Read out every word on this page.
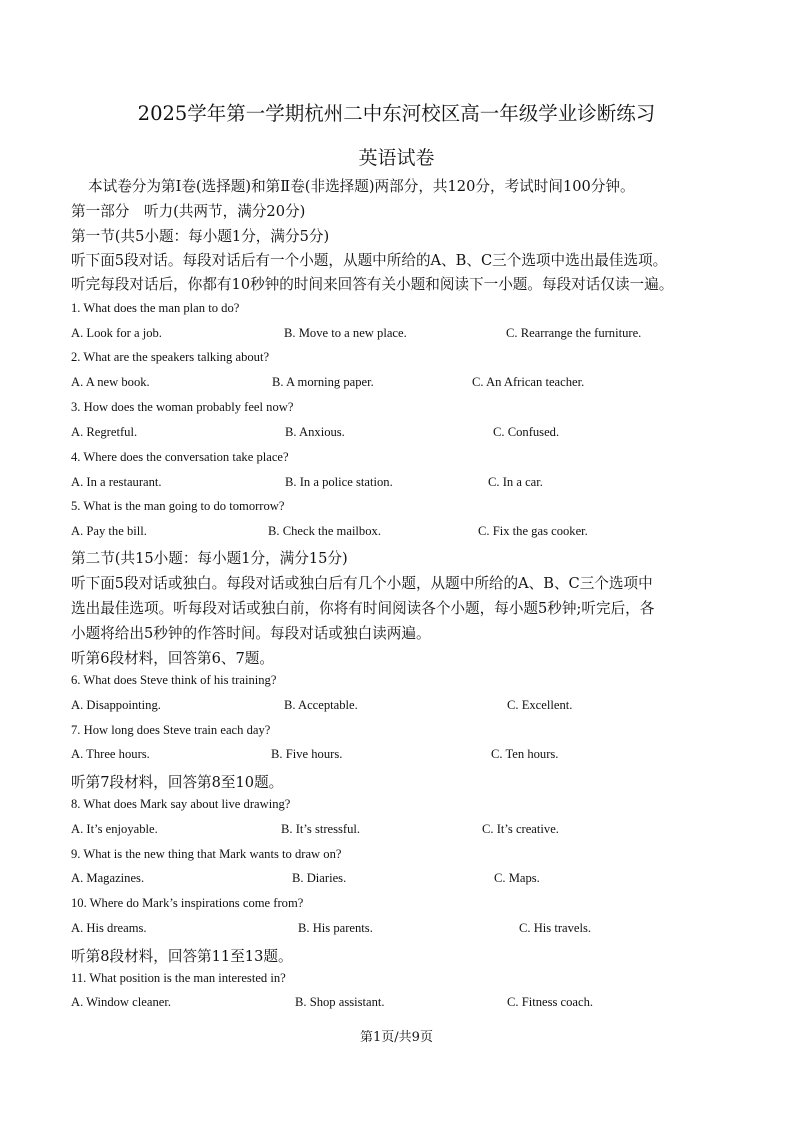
2025学年第一学期杭州二中东河校区高一年级学业诊断练习
英语试卷
本试卷分为第Ⅰ卷(选择题)和第Ⅱ卷(非选择题)两部分，共120分，考试时间100分钟。
第一部分　听力(共两节，满分20分)
第一节(共5小题：每小题1分，满分5分)
听下面5段对话。每段对话后有一个小题，从题中所给的A、B、C三个选项中选出最佳选项。
听完每段对话后，你都有10秒钟的时间来回答有关小题和阅读下一小题。每段对话仅读一遍。
1. What does the man plan to do?
A. Look for a job.	B. Move to a new place.	C. Rearrange the furniture.
2. What are the speakers talking about?
A. A new book.	B. A morning paper.	C. An African teacher.
3. How does the woman probably feel now?
A. Regretful.	B. Anxious.	C. Confused.
4. Where does the conversation take place?
A. In a restaurant.	B. In a police station.	C. In a car.
5. What is the man going to do tomorrow?
A. Pay the bill.	B. Check the mailbox.	C. Fix the gas cooker.
第二节(共15小题：每小题1分，满分15分)
听下面5段对话或独白。每段对话或独白后有几个小题，从题中所给的A、B、C三个选项中
选出最佳选项。听每段对话或独白前，你将有时间阅读各个小题，每小题5秒钟;听完后，各
小题将给出5秒钟的作答时间。每段对话或独白读两遍。
听第6段材料，回答第6、7题。
6. What does Steve think of his training?
A. Disappointing.	B. Acceptable.	C. Excellent.
7. How long does Steve train each day?
A. Three hours.	B. Five hours.	C. Ten hours.
听第7段材料，回答第8至10题。
8. What does Mark say about live drawing?
A. It’s enjoyable.	B. It’s stressful.	C. It’s creative.
9. What is the new thing that Mark wants to draw on?
A. Magazines.	B. Diaries.	C. Maps.
10. Where do Mark’s inspirations come from?
A. His dreams.	B. His parents.	C. His travels.
听第8段材料，回答第11至13题。
11. What position is the man interested in?
A. Window cleaner.	B. Shop assistant.	C. Fitness coach.
第1页/共9页
